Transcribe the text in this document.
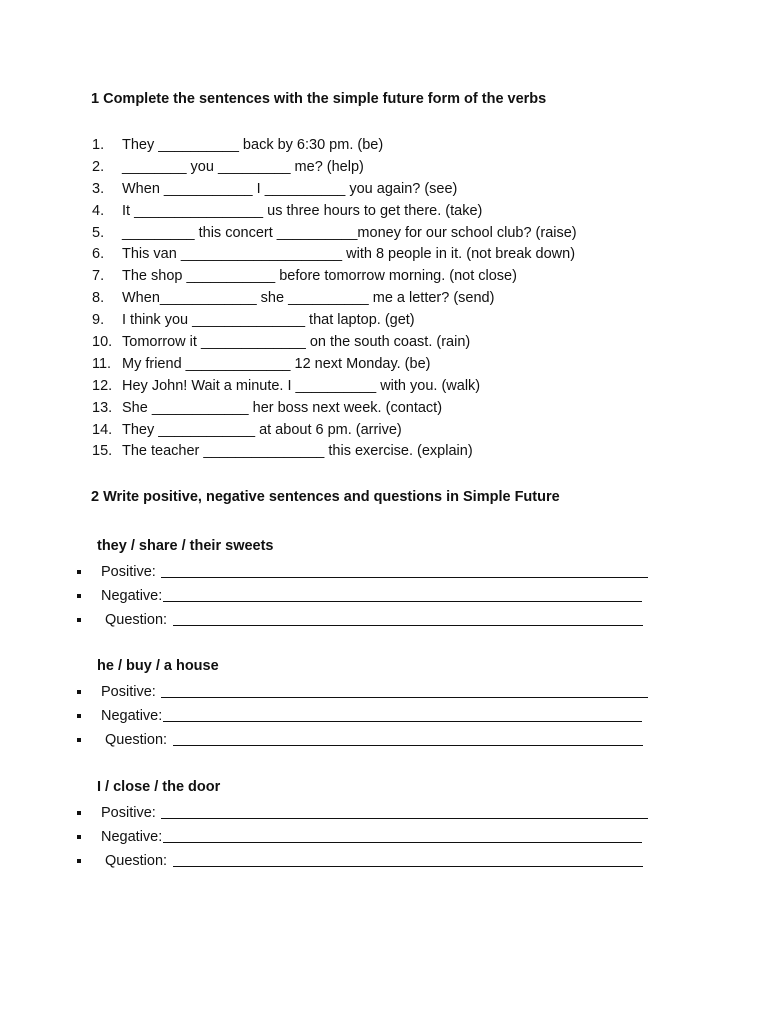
1 Complete the sentences with the simple future form of the verbs
1. They __________ back by 6:30 pm. (be)
2. ________ you _________ me? (help)
3. When ___________ I __________ you again? (see)
4. It ________________ us three hours to get there. (take)
5. _________ this concert __________money for our school club? (raise)
6. This van ____________________ with 8 people in it. (not break down)
7. The shop ___________ before tomorrow morning. (not close)
8. When____________ she __________ me a letter? (send)
9. I think you ______________ that laptop. (get)
10. Tomorrow it _____________ on the south coast. (rain)
11. My friend _____________ 12 next Monday. (be)
12. Hey John! Wait a minute. I __________ with you. (walk)
13. She ____________ her boss next week. (contact)
14. They ____________ at about 6 pm. (arrive)
15. The teacher _______________ this exercise. (explain)
2 Write positive, negative sentences and questions in Simple Future
they / share / their sweets
Positive:
Negative:
Question:
he / buy / a house
Positive:
Negative:
Question:
I / close / the door
Positive:
Negative:
Question:
